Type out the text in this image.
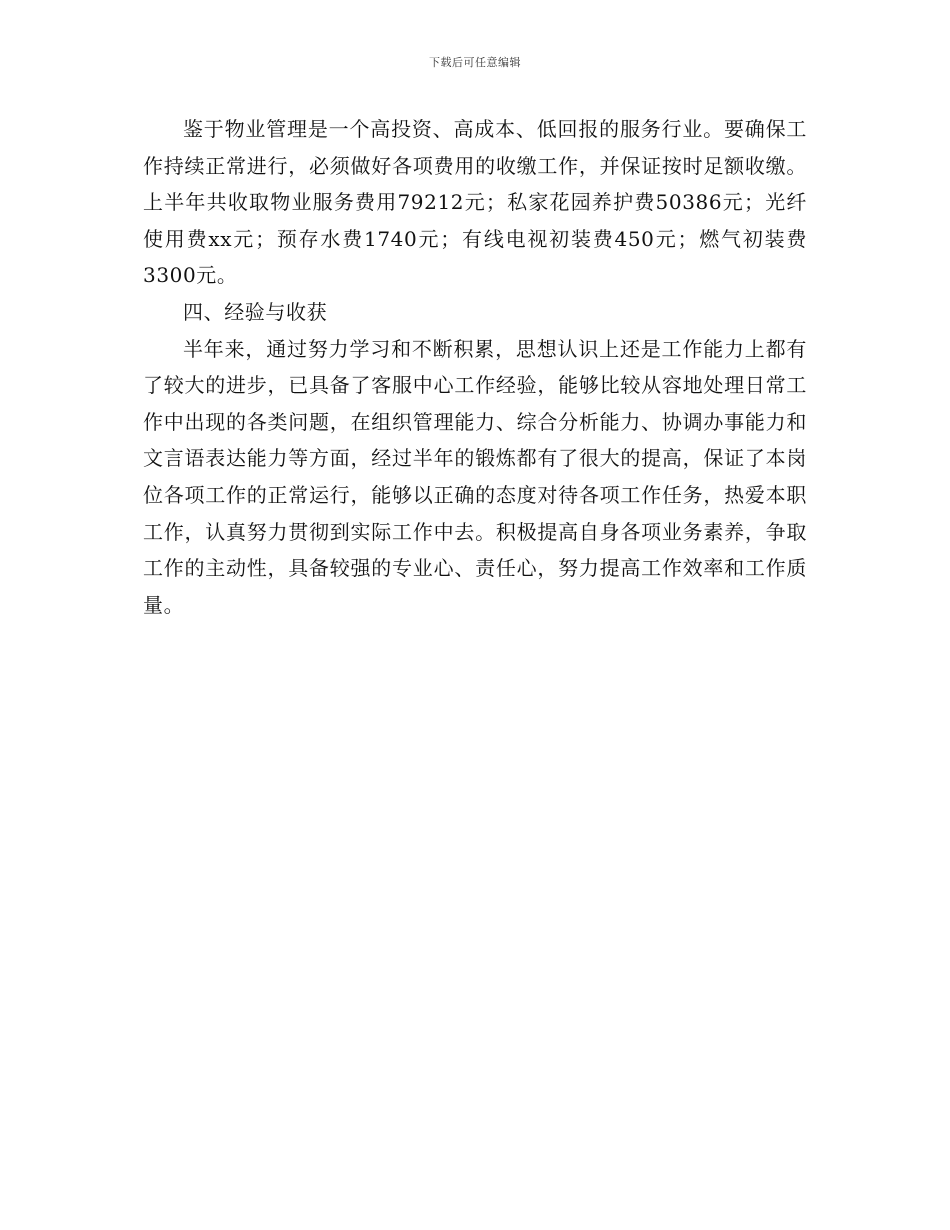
下载后可任意编辑

鉴于物业管理是一个高投资、高成本、低回报的服务行业。要确保工作持续正常进行，必须做好各项费用的收缴工作，并保证按时足额收缴。上半年共收取物业服务费用79212元；私家花园养护费50386元；光纤使用费xx元；预存水费1740元；有线电视初装费450元；燃气初装费3300元。

四、经验与收获

半年来，通过努力学习和不断积累，思想认识上还是工作能力上都有了较大的进步，已具备了客服中心工作经验，能够比较从容地处理日常工作中出现的各类问题，在组织管理能力、综合分析能力、协调办事能力和文言语表达能力等方面，经过半年的锻炼都有了很大的提高，保证了本岗位各项工作的正常运行，能够以正确的态度对待各项工作任务，热爱本职工作，认真努力贯彻到实际工作中去。积极提高自身各项业务素养，争取工作的主动性，具备较强的专业心、责任心，努力提高工作效率和工作质量。
